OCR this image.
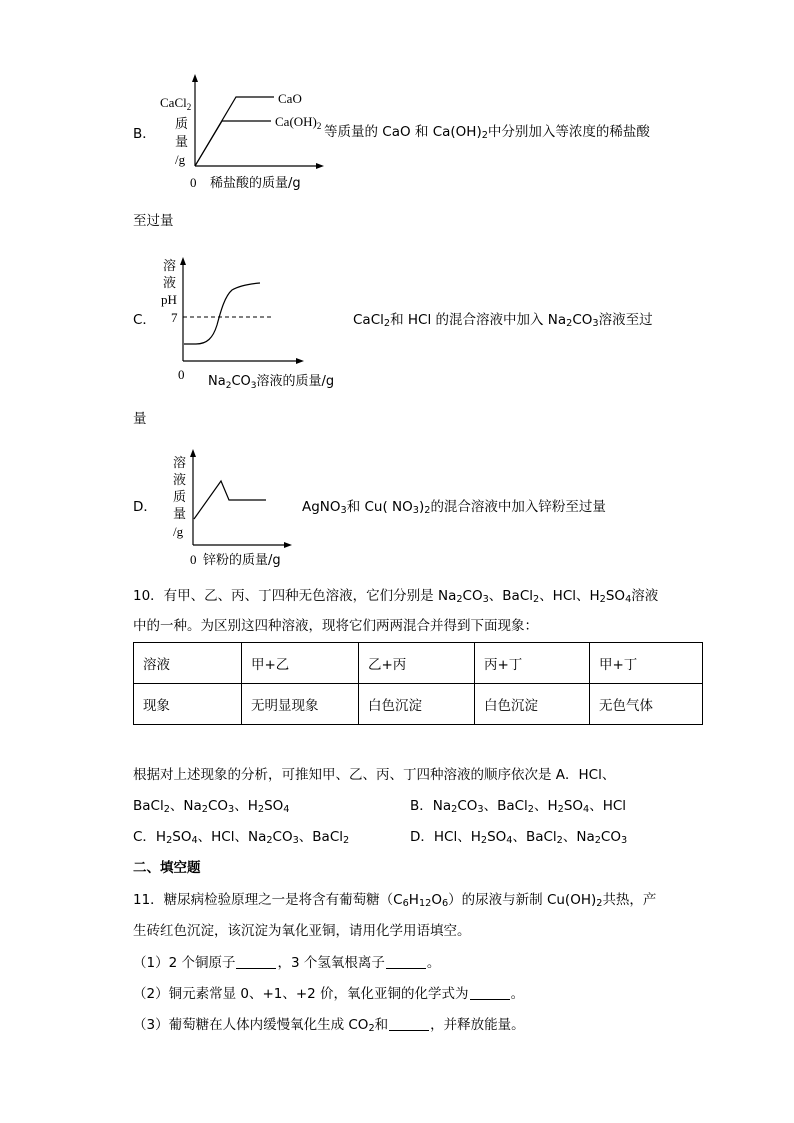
B．
CaCl$_2$
质
量
/g
CaO
$Ca(OH)_2$
0 稀盐酸的质量/g
等质量的 CaO 和 $Ca(OH)_2$中分别加入等浓度的稀盐酸
至过量
C．
溶
液
pH
7
0 $Na_2CO_3$溶液的质量/g
CaCl$_2$和 HCl 的混合溶液中加入 $Na_2CO_3$溶液至过
量
D．
溶
液
质
量
/g
0 锌粉的质量/g
AgNO$_3$和 Cu( $NO_3)_2$的混合溶液中加入锌粉至过量
10．有甲、乙、丙、丁四种无色溶液，它们分别是 $Na_2CO_3$、BaCl$_2$、HCl、$H_2SO_4$溶液
中的一种。为区别这四种溶液，现将它们两两混合并得到下面现象：
溶液	甲+乙	乙+丙	丙+丁	甲+丁
现象	无明显现象	白色沉淀	白色沉淀	无色气体
根据对上述现象的分析，可推知甲、乙、丙、丁四种溶液的顺序依次是 A．HCl、
BaCl$_2$、$Na_2CO_3$、$H_2SO_4$	B．$Na_2CO_3$、BaCl$_2$、$H_2SO_4$、HCl
C．$H_2SO_4$、HCl、$Na_2CO_3$、BaCl$_2$	D．HCl、$H_2SO_4$、BaCl$_2$、$Na_2CO_3$
二、填空题
11．糖尿病检验原理之一是将含有葡萄糖$(C_6H_{12}O_6)$的尿液与新制 $Cu(OH)_2$共热，产
生砖红色沉淀，该沉淀为氧化亚铜，请用化学用语填空。
（1）2 个铜原子	，3 个氢氧根离子	。
（2）铜元素常显 0、+1、+2 价，氧化亚铜的化学式为	。
（3）葡萄糖在人体内缓慢氧化生成 $CO_2$和	，并释放能量。
